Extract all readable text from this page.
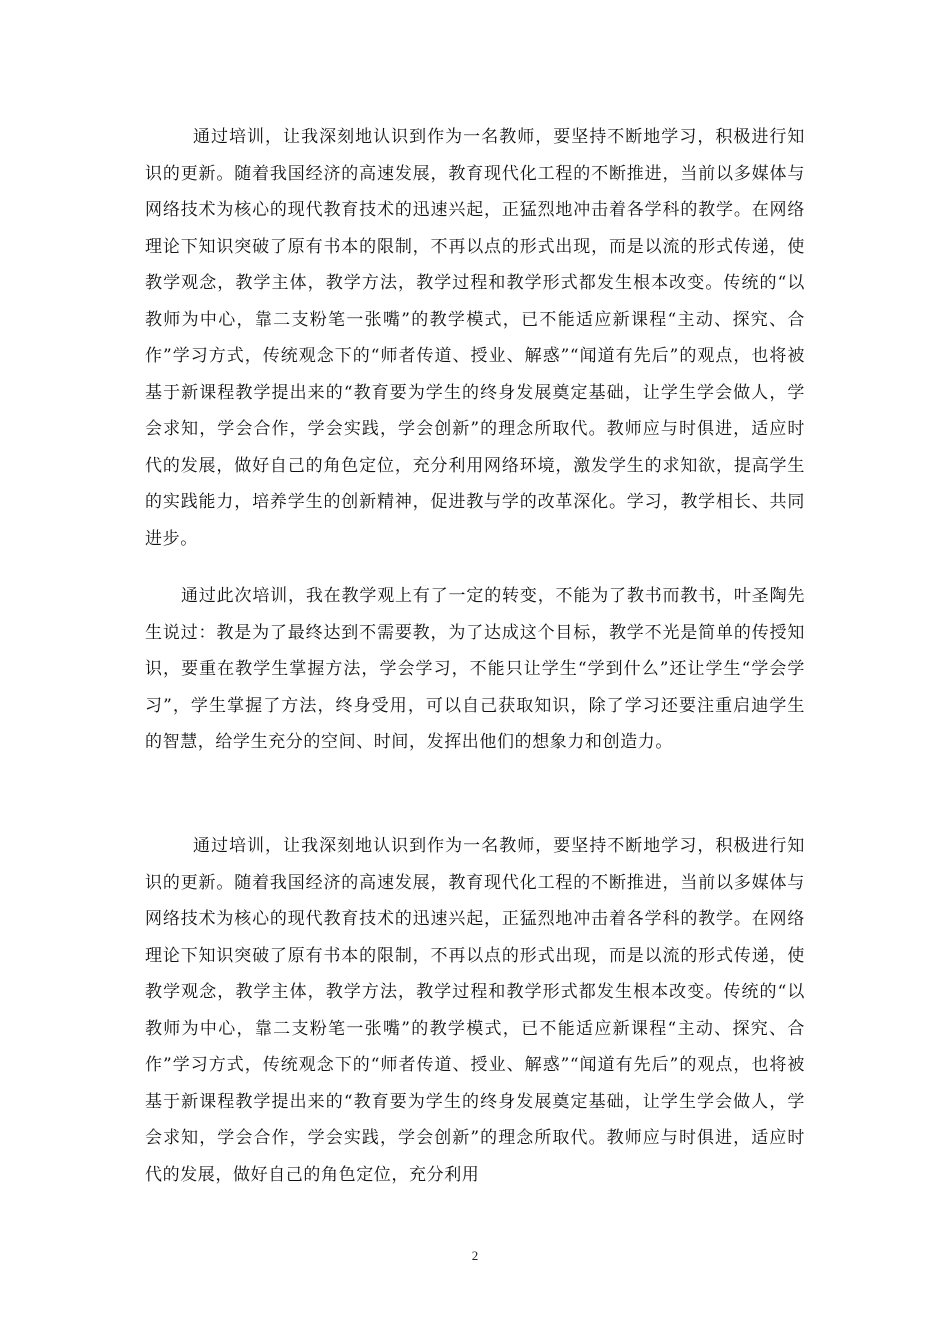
通过培训，让我深刻地认识到作为一名教师，要坚持不断地学习，积极进行知识的更新。随着我国经济的高速发展，教育现代化工程的不断推进，当前以多媒体与网络技术为核心的现代教育技术的迅速兴起，正猛烈地冲击着各学科的教学。在网络理论下知识突破了原有书本的限制，不再以点的形式出现，而是以流的形式传递，使教学观念，教学主体，教学方法，教学过程和教学形式都发生根本改变。传统的“以教师为中心，靠二支粉笔一张嘴”的教学模式，已不能适应新课程“主动、探究、合作”学习方式，传统观念下的“师者传道、授业、解惑”“闻道有先后”的观点，也将被基于新课程教学提出来的“教育要为学生的终身发展奠定基础，让学生学会做人，学会求知，学会合作，学会实践，学会创新”的理念所取代。教师应与时俱进，适应时代的发展，做好自己的角色定位，充分利用网络环境，激发学生的求知欲，提高学生的实践能力，培养学生的创新精神，促进教与学的改革深化。学习，教学相长、共同进步。

通过此次培训，我在教学观上有了一定的转变，不能为了教书而教书，叶圣陶先生说过：教是为了最终达到不需要教，为了达成这个目标，教学不光是简单的传授知识，要重在教学生掌握方法，学会学习，不能只让学生“学到什么”还让学生“学会学习”，学生掌握了方法，终身受用，可以自己获取知识，除了学习还要注重启迪学生的智慧，给学生充分的空间、时间，发挥出他们的想象力和创造力。

通过培训，让我深刻地认识到作为一名教师，要坚持不断地学习，积极进行知识的更新。随着我国经济的高速发展，教育现代化工程的不断推进，当前以多媒体与网络技术为核心的现代教育技术的迅速兴起，正猛烈地冲击着各学科的教学。在网络理论下知识突破了原有书本的限制，不再以点的形式出现，而是以流的形式传递，使教学观念，教学主体，教学方法，教学过程和教学形式都发生根本改变。传统的“以教师为中心，靠二支粉笔一张嘴”的教学模式，已不能适应新课程“主动、探究、合作”学习方式，传统观念下的“师者传道、授业、解惑”“闻道有先后”的观点，也将被基于新课程教学提出来的“教育要为学生的终身发展奠定基础，让学生学会做人，学会求知，学会合作，学会实践，学会创新”的理念所取代。教师应与时俱进，适应时代的发展，做好自己的角色定位，充分利用

2
